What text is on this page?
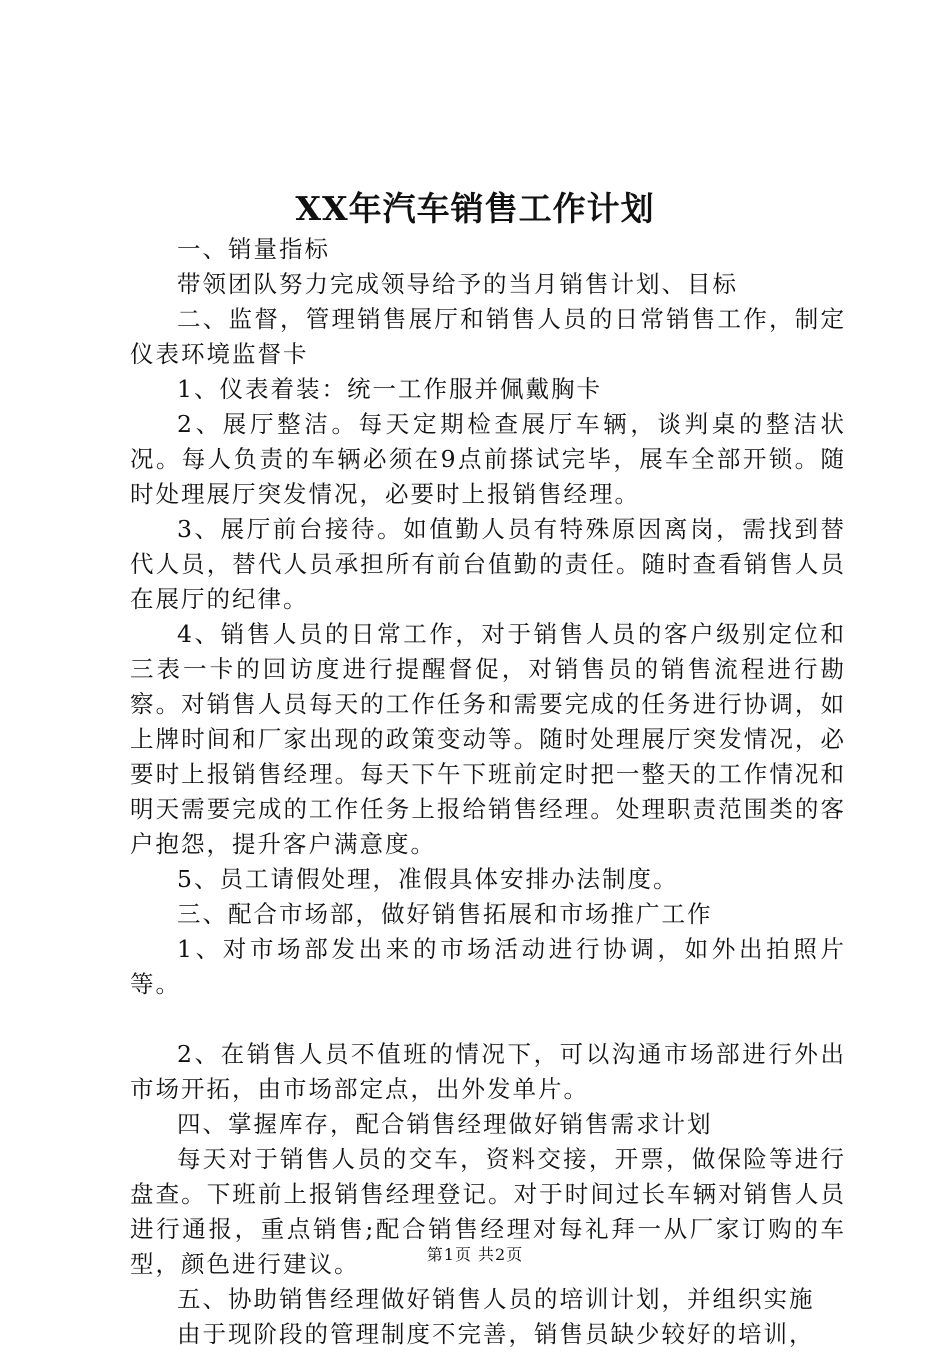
XX年汽车销售工作计划

一、销量指标

带领团队努力完成领导给予的当月销售计划、目标

二、监督，管理销售展厅和销售人员的日常销售工作，制定仪表环境监督卡

1、仪表着装：统一工作服并佩戴胸卡

2、展厅整洁。每天定期检查展厅车辆，谈判桌的整洁状况。每人负责的车辆必须在9点前搽试完毕，展车全部开锁。随时处理展厅突发情况，必要时上报销售经理。

3、展厅前台接待。如值勤人员有特殊原因离岗，需找到替代人员，替代人员承担所有前台值勤的责任。随时查看销售人员在展厅的纪律。

4、销售人员的日常工作，对于销售人员的客户级别定位和三表一卡的回访度进行提醒督促，对销售员的销售流程进行勘察。对销售人员每天的工作任务和需要完成的任务进行协调，如上牌时间和厂家出现的政策变动等。随时处理展厅突发情况，必要时上报销售经理。每天下午下班前定时把一整天的工作情况和明天需要完成的工作任务上报给销售经理。处理职责范围类的客户抱怨，提升客户满意度。

5、员工请假处理，准假具体安排办法制度。

三、配合市场部，做好销售拓展和市场推广工作

1、对市场部发出来的市场活动进行协调，如外出拍照片等。

2、在销售人员不值班的情况下，可以沟通市场部进行外出市场开拓，由市场部定点，出外发单片。

四、掌握库存，配合销售经理做好销售需求计划

每天对于销售人员的交车，资料交接，开票，做保险等进行盘查。下班前上报销售经理登记。对于时间过长车辆对销售人员进行通报，重点销售;配合销售经理对每礼拜一从厂家订购的车型，颜色进行建议。

五、协助销售经理做好销售人员的培训计划，并组织实施

由于现阶段的管理制度不完善，销售员缺少较好的培训，

第1页 共2页
